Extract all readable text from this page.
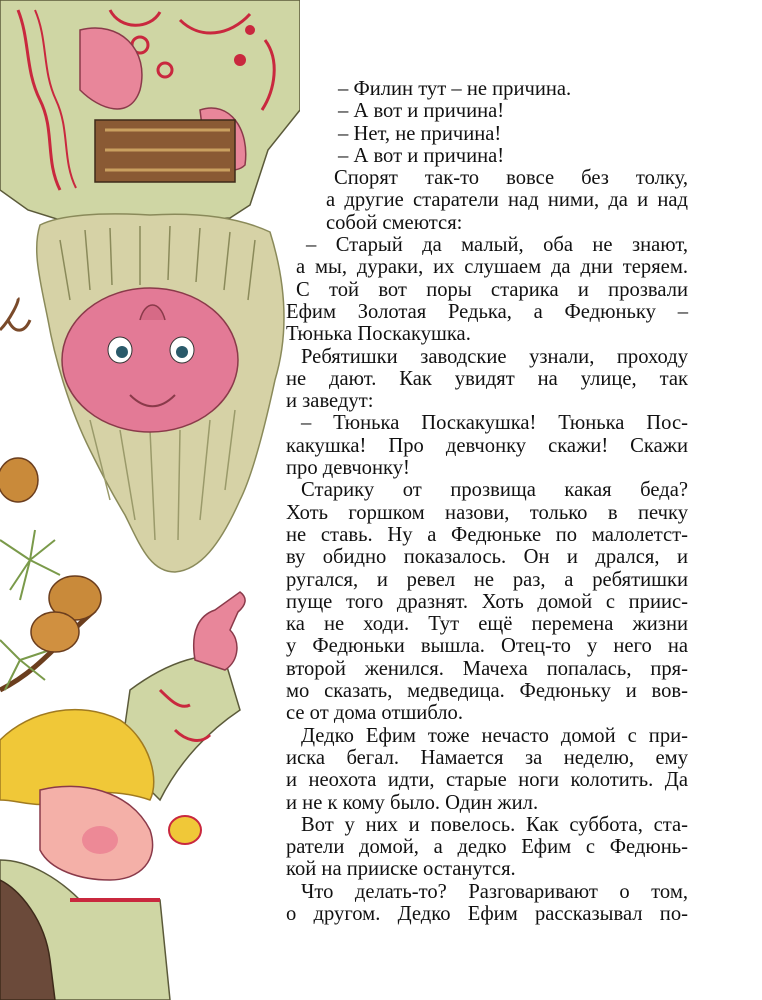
– Филин тут – не причина.
– А вот и причина!
– Нет, не причина!
– А вот и причина!
Спорят так-то вовсе без толку,
а другие старатели над ними, да и над
собой смеются:
– Старый да малый, оба не знают,
а мы, дураки, их слушаем да дни теряем.
С той вот поры старика и прозвали
Ефим Золотая Редька, а Федюньку –
Тюнька Поскакушка.
Ребятишки заводские узнали, проходу
не дают. Как увидят на улице, так
и заведут:
– Тюнька Поскакушка! Тюнька Пос-
какушка! Про девчонку скажи! Скажи
про девчонку!
Старику от прозвища какая беда?
Хоть горшком назови, только в печку
не ставь. Ну а Федюньке по малолетст-
ву обидно показалось. Он и дрался, и
ругался, и ревел не раз, а ребятишки
пуще того дразнят. Хоть домой с приис-
ка не ходи. Тут ещё перемена жизни
у Федюньки вышла. Отец-то у него на
второй женился. Мачеха попалась, пря-
мо сказать, медведица. Федюньку и вов-
се от дома отшибло.
Дедко Ефим тоже нечасто домой с при-
иска бегал. Намается за неделю, ему
и неохота идти, старые ноги колотить. Да
и не к кому было. Один жил.
Вот у них и повелось. Как суббота, ста-
ратели домой, а дедко Ефим с Федюнь-
кой на прииске останутся.
Что делать-то? Разговаривают о том,
о другом. Дедко Ефим рассказывал по-
